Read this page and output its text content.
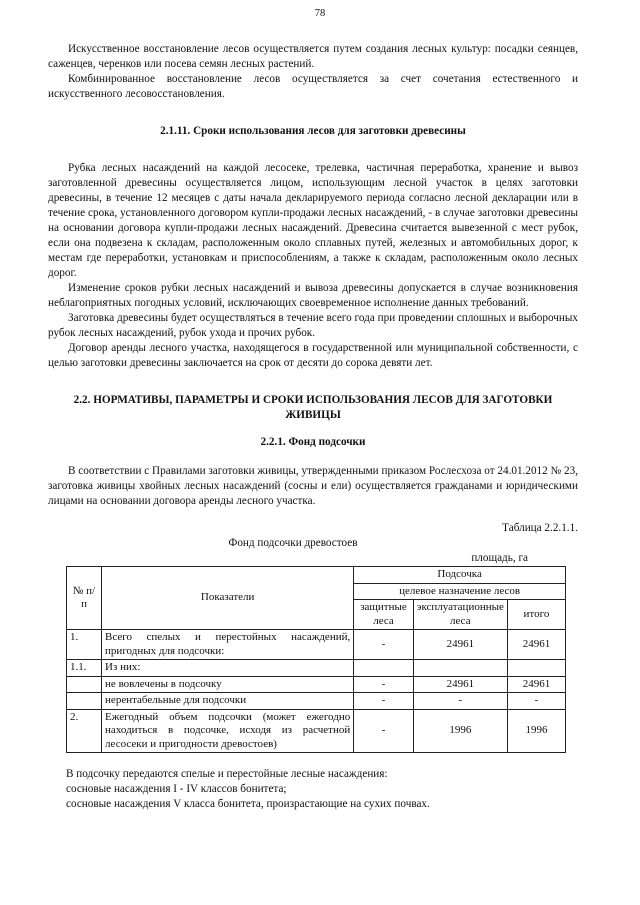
78

Искусственное восстановление лесов осуществляется путем создания лесных культур: посадки сеянцев, саженцев, черенков или посева семян лесных растений.

Комбинированное восстановление лесов осуществляется за счет сочетания естественного и искусственного лесовосстановления.

2.1.11. Сроки использования лесов для заготовки древесины

Рубка лесных насаждений на каждой лесосеке, трелевка, частичная переработка, хранение и вывоз заготовленной древесины осуществляется лицом, использующим лесной участок в целях заготовки древесины, в течение 12 месяцев с даты начала декларируемого периода согласно лесной декларации или в течение срока, установленного договором купли-продажи лесных насаждений, - в случае заготовки древесины на основании договора купли-продажи лесных насаждений. Древесина считается вывезенной с мест рубок, если она подвезена к складам, расположенным около сплавных путей, железных и автомобильных дорог, к местам где переработки, установкам и приспособлениям, а также к складам, расположенным около лесных дорог.

Изменение сроков рубки лесных насаждений и вывоза древесины допускается в случае возникновения неблагоприятных погодных условий, исключающих своевременное исполнение данных требований.

Заготовка древесины будет осуществляться в течение всего года при проведении сплошных и выборочных рубок лесных насаждений, рубок ухода и прочих рубок.

Договор аренды лесного участка, находящегося в государственной или муниципальной собственности, с целью заготовки древесины заключается на срок от десяти до сорока девяти лет.

2.2. НОРМАТИВЫ, ПАРАМЕТРЫ И СРОКИ ИСПОЛЬЗОВАНИЯ ЛЕСОВ ДЛЯ ЗАГОТОВКИ ЖИВИЦЫ
2.2.1. Фонд подсочки

В соответствии с Правилами заготовки живицы, утвержденными приказом Рослесхоза от 24.01.2012 № 23, заготовка живицы хвойных лесных насаждений (сосны и ели) осуществляется гражданами и юридическими лицами на основании договора аренды лесного участка.

Таблица 2.2.1.1.
Фонд подсочки древостоев
площадь, га
№ п/п	Показатели	Подсочка		
		целевое назначение лесов		
		защитные леса	эксплуатационные леса	итого
1.	Всего спелых и перестойных насаждений, пригодных для подсочки:	-	24961	24961
1.1.	Из них:			
	не вовлечены в подсочку	-	24961	24961
	нерентабельные для подсочки	-	-	-
2.	Ежегодный объем подсочки (может ежегодно находиться в подсочке, исходя из расчетной лесосеки и пригодности древостоев)	-	1996	1996

В подсочку передаются спелые и перестойные лесные насаждения:

сосновые насаждения I - IV классов бонитета;

сосновые насаждения V класса бонитета, произрастающие на сухих почвах.
